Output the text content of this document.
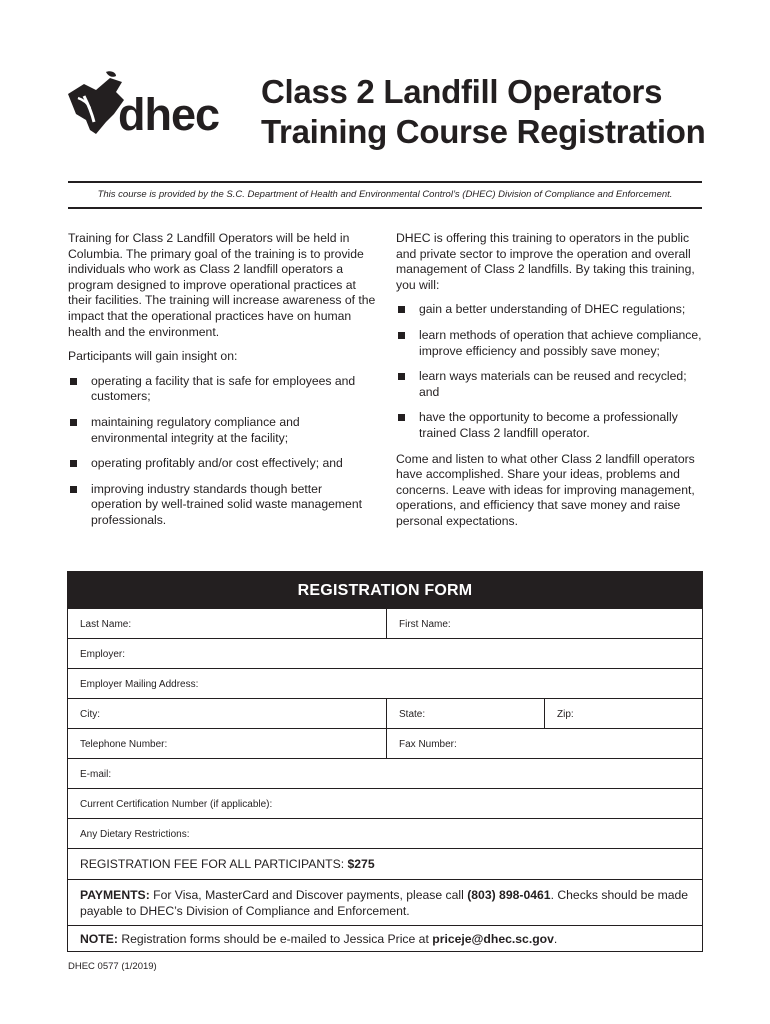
dhec Class 2 Landfill Operators
Training Course Registration
This course is provided by the S.C. Department of Health and Environmental Control’s (DHEC) Division of Compliance and Enforcement.

Training for Class 2 Landfill Operators will be held in Columbia. The primary goal of the training is to provide individuals who work as Class 2 landfill operators a program designed to improve operational practices at their facilities. The training will increase awareness of the impact that the operational practices have on human health and the environment.

Participants will gain insight on:

operating a facility that is safe for employees and customers;
maintaining regulatory compliance and environmental integrity at the facility;
operating profitably and/or cost effectively; and
improving industry standards though better operation by well-trained solid waste management professionals.

DHEC is offering this training to operators in the public and private sector to improve the operation and overall management of Class 2 landfills. By taking this training, you will:

gain a better understanding of DHEC regulations;
learn methods of operation that achieve compliance, improve efficiency and possibly save money;
learn ways materials can be reused and recycled; and
have the opportunity to become a professionally trained Class 2 landfill operator.

Come and listen to what other Class 2 landfill operators have accomplished. Share your ideas, problems and concerns. Leave with ideas for improving management, operations, and efficiency that save money and raise personal expectations.

REGISTRATION FORM
Last Name:	First Name:
Employer:
Employer Mailing Address:
City:	State:	Zip:
Telephone Number:	Fax Number:
E-mail:
Current Certification Number (if applicable):
Any Dietary Restrictions:
REGISTRATION FEE FOR ALL PARTICIPANTS: $275
PAYMENTS: For Visa, MasterCard and Discover payments, please call (803) 898-0461. Checks should be made payable to DHEC’s Division of Compliance and Enforcement.
NOTE: Registration forms should be e-mailed to Jessica Price at priceje@dhec.sc.gov.
DHEC 0577 (1/2019)
